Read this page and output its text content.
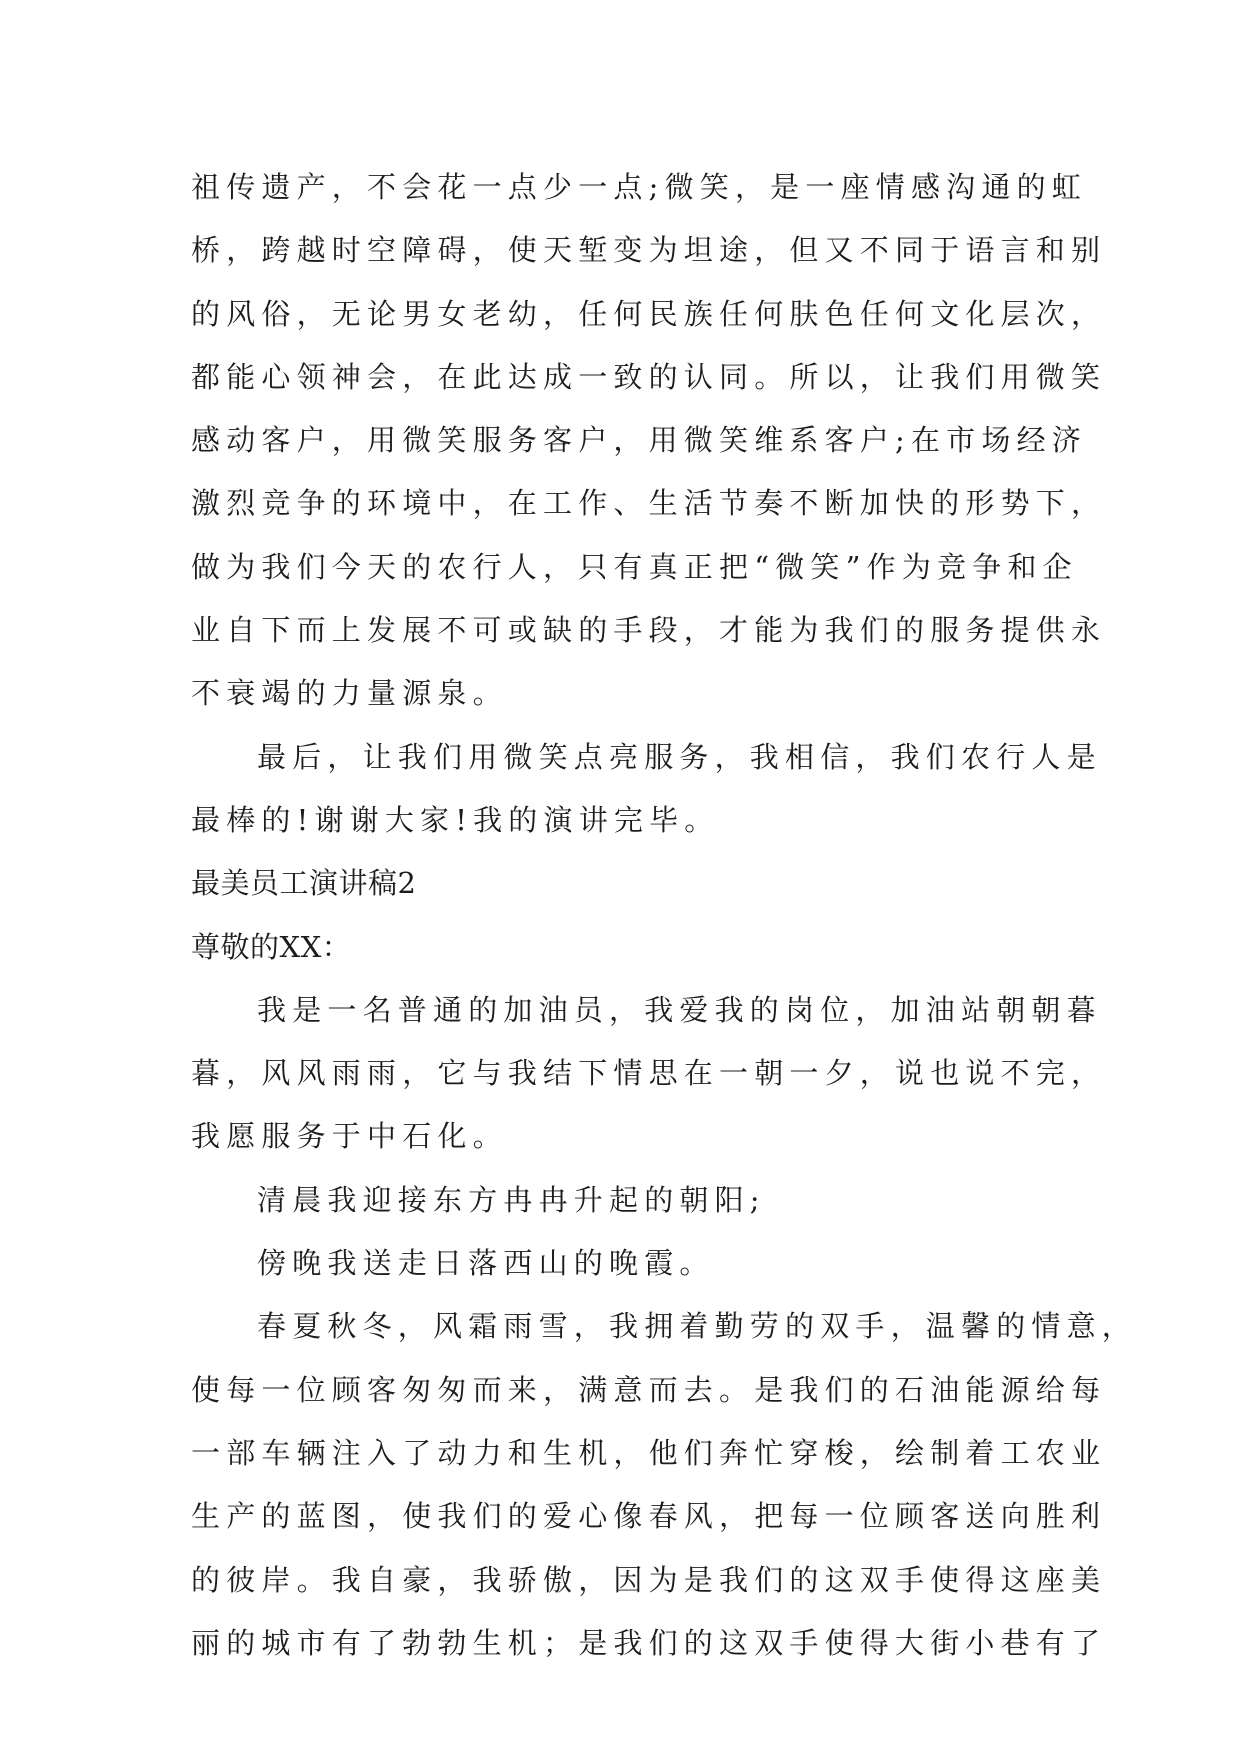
祖传遗产，不会花一点少一点;微笑，是一座情感沟通的虹
桥，跨越时空障碍，使天堑变为坦途，但又不同于语言和别
的风俗，无论男女老幼，任何民族任何肤色任何文化层次，
都能心领神会，在此达成一致的认同。所以，让我们用微笑
感动客户，用微笑服务客户，用微笑维系客户;在市场经济
激烈竞争的环境中，在工作、生活节奏不断加快的形势下，
做为我们今天的农行人，只有真正把“微笑”作为竞争和企
业自下而上发展不可或缺的手段，才能为我们的服务提供永
不衰竭的力量源泉。
最后，让我们用微笑点亮服务，我相信，我们农行人是
最棒的!谢谢大家!我的演讲完毕。
最美员工演讲稿2
尊敬的XX：
我是一名普通的加油员，我爱我的岗位，加油站朝朝暮
暮，风风雨雨，它与我结下情思在一朝一夕，说也说不完，
我愿服务于中石化。
清晨我迎接东方冉冉升起的朝阳;
傍晚我送走日落西山的晚霞。
春夏秋冬，风霜雨雪，我拥着勤劳的双手，温馨的情意，
使每一位顾客匆匆而来，满意而去。是我们的石油能源给每
一部车辆注入了动力和生机，他们奔忙穿梭，绘制着工农业
生产的蓝图，使我们的爱心像春风，把每一位顾客送向胜利
的彼岸。我自豪，我骄傲，因为是我们的这双手使得这座美
丽的城市有了勃勃生机；是我们的这双手使得大街小巷有了
